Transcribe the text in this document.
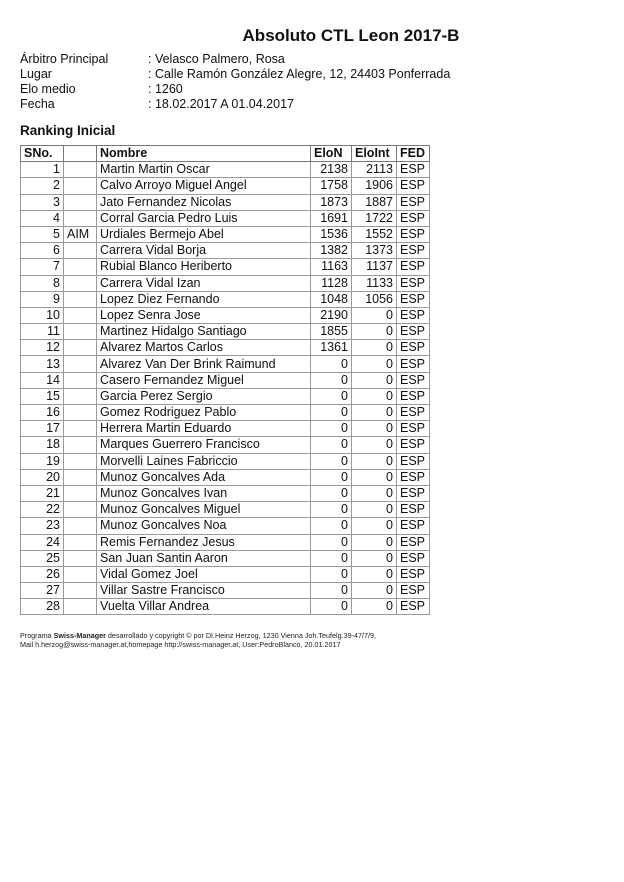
Absoluto CTL Leon 2017-B
Árbitro Principal	: Velasco Palmero, Rosa
Lugar	: Calle Ramón González Alegre, 12, 24403 Ponferrada
Elo medio	: 1260
Fecha	: 18.02.2017 A 01.04.2017
Ranking Inicial
SNo.		Nombre	EloN	EloInt	FED
1		Martin Martin Oscar	2138	2113	ESP
2		Calvo Arroyo Miguel Angel	1758	1906	ESP
3		Jato Fernandez Nicolas	1873	1887	ESP
4		Corral Garcia Pedro Luis	1691	1722	ESP
5	AIM	Urdiales Bermejo Abel	1536	1552	ESP
6		Carrera Vidal Borja	1382	1373	ESP
7		Rubial Blanco Heriberto	1163	1137	ESP
8		Carrera Vidal Izan	1128	1133	ESP
9		Lopez Diez Fernando	1048	1056	ESP
10		Lopez Senra Jose	2190	0	ESP
11		Martinez Hidalgo Santiago	1855	0	ESP
12		Alvarez Martos Carlos	1361	0	ESP
13		Alvarez Van Der Brink Raimund	0	0	ESP
14		Casero Fernandez Miguel	0	0	ESP
15		Garcia Perez Sergio	0	0	ESP
16		Gomez Rodriguez Pablo	0	0	ESP
17		Herrera Martin Eduardo	0	0	ESP
18		Marques Guerrero Francisco	0	0	ESP
19		Morvelli Laines Fabriccio	0	0	ESP
20		Munoz Goncalves Ada	0	0	ESP
21		Munoz Goncalves Ivan	0	0	ESP
22		Munoz Goncalves Miguel	0	0	ESP
23		Munoz Goncalves Noa	0	0	ESP
24		Remis Fernandez Jesus	0	0	ESP
25		San Juan Santin Aaron	0	0	ESP
26		Vidal Gomez Joel	0	0	ESP
27		Villar Sastre Francisco	0	0	ESP
28		Vuelta Villar Andrea	0	0	ESP
Programa Swiss-Manager desarrollado y copyright © por DI.Heinz Herzog, 1230 Vienna Joh.Teufelg.39-47/7/9,
Mail h.herzog@swiss-manager.at,homepage http://swiss-manager.at, User:PedroBlanco, 20.01.2017
